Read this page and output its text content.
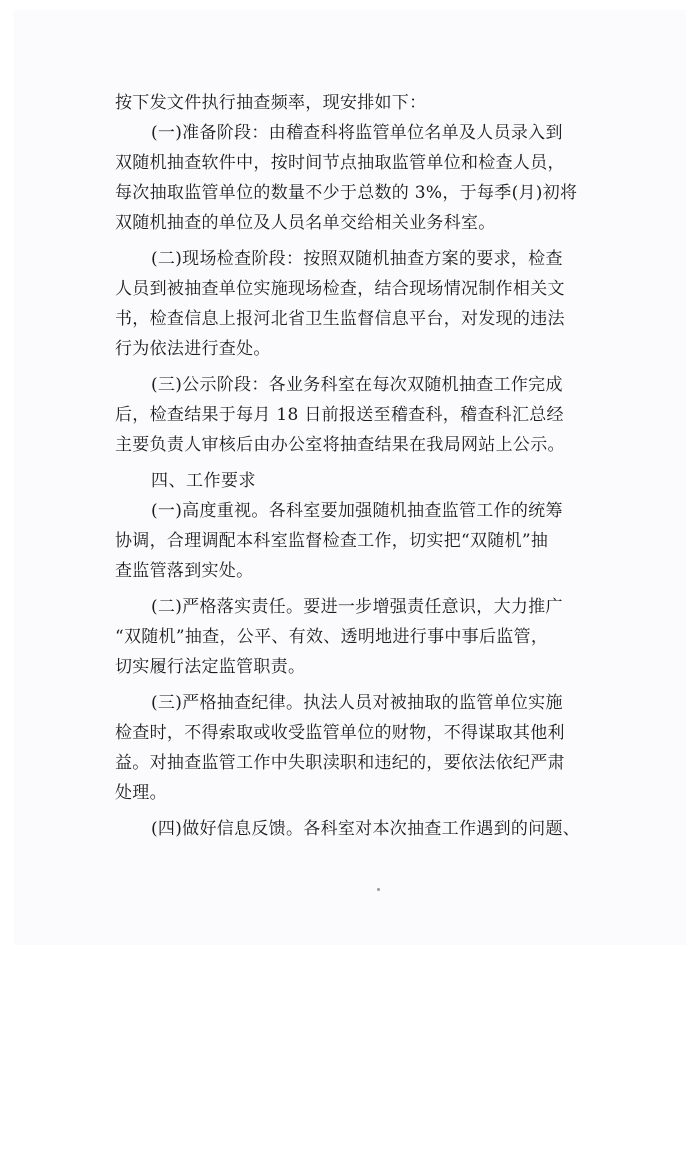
按下发文件执行抽查频率，现安排如下：
(一)准备阶段：由稽查科将监管单位名单及人员录入到
双随机抽查软件中，按时间节点抽取监管单位和检查人员，
每次抽取监管单位的数量不少于总数的 3%，于每季(月)初将
双随机抽查的单位及人员名单交给相关业务科室。
(二)现场检查阶段：按照双随机抽查方案的要求，检查
人员到被抽查单位实施现场检查，结合现场情况制作相关文
书，检查信息上报河北省卫生监督信息平台，对发现的违法
行为依法进行查处。
(三)公示阶段：各业务科室在每次双随机抽查工作完成
后，检查结果于每月 18 日前报送至稽查科，稽查科汇总经
主要负责人审核后由办公室将抽查结果在我局网站上公示。
四、工作要求
(一)高度重视。各科室要加强随机抽查监管工作的统筹
协调，合理调配本科室监督检查工作，切实把“双随机”抽
查监管落到实处。
(二)严格落实责任。要进一步增强责任意识，大力推广
“双随机”抽查，公平、有效、透明地进行事中事后监管，
切实履行法定监管职责。
(三)严格抽查纪律。执法人员对被抽取的监管单位实施
检查时，不得索取或收受监管单位的财物，不得谋取其他利
益。对抽查监管工作中失职渎职和违纪的，要依法依纪严肃
处理。
(四)做好信息反馈。各科室对本次抽查工作遇到的问题、
